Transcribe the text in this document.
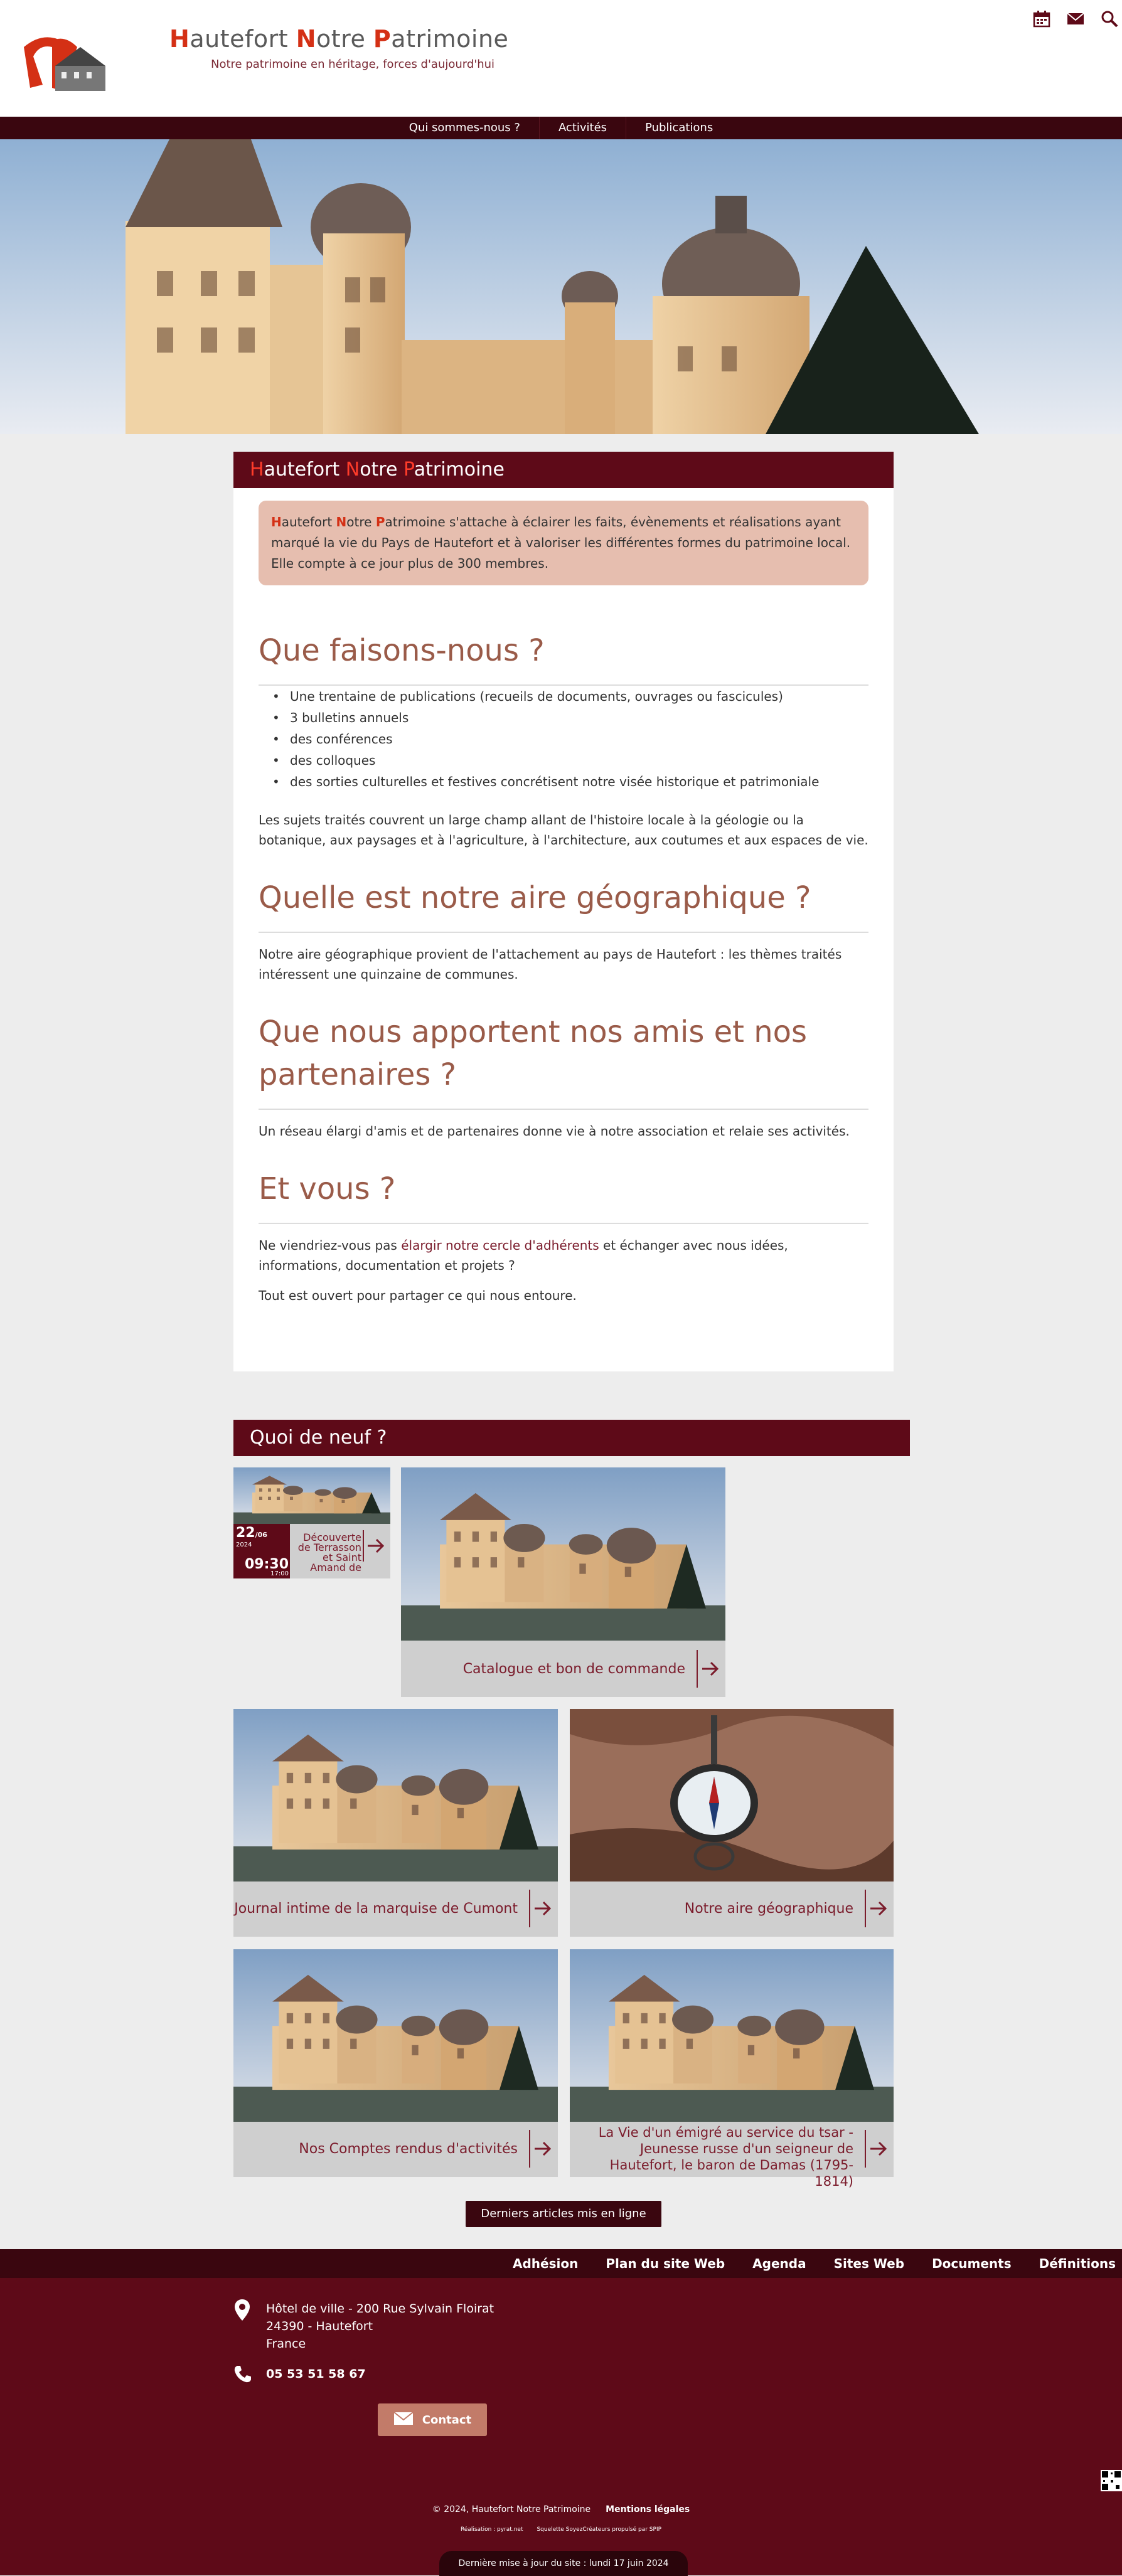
Hautefort Notre Patrimoine
Notre patrimoine en héritage, forces d'aujourd'hui
Qui sommes-nous ?	Activités	Publications
Hautefort Notre Patrimoine
Hautefort Notre Patrimoine s'attache à éclairer les faits, évènements et réalisations ayant marqué la vie du Pays de Hautefort et à valoriser les différentes formes du patrimoine local. Elle compte à ce jour plus de 300 membres.
Que faisons-nous ?
• Une trentaine de publications (recueils de documents, ouvrages ou fascicules)
• 3 bulletins annuels
• des conférences
• des colloques
• des sorties culturelles et festives concrétisent notre visée historique et patrimoniale

Les sujets traités couvrent un large champ allant de l'histoire locale à la géologie ou la botanique, aux paysages et à l'agriculture, à l'architecture, aux coutumes et aux espaces de vie.

Quelle est notre aire géographique ?

Notre aire géographique provient de l'attachement au pays de Hautefort : les thèmes traités intéressent une quinzaine de communes.

Que nous apportent nos amis et nos partenaires ?

Un réseau élargi d'amis et de partenaires donne vie à notre association et relaie ses activités.

Et vous ?

Ne viendriez-vous pas élargir notre cercle d'adhérents et échanger avec nous idées, informations, documentation et projets ?

Tout est ouvert pour partager ce qui nous entoure.

Quoi de neuf ?
22/06
2024
09:30
17:00
Découverte de Terrasson et Saint Amand de
Catalogue et bon de commande
Journal intime de la marquise de Cumont	Notre aire géographique
Nos Comptes rendus d'activités
La Vie d'un émigré au service du tsar - Jeunesse russe d'un seigneur de Hautefort, le baron de Damas (1795-1814)
Derniers articles mis en ligne
Adhésion Plan du site Web Agenda Sites Web Documents Définitions
Hôtel de ville - 200 Rue Sylvain Floirat
24390 - Hautefort
France
05 53 51 58 67
Contact
© 2024, Hautefort Notre Patrimoine Mentions légales
Réalisation : pyrat.net Squelette SoyezCréateurs propulsé par SPIP
Dernière mise à jour du site : lundi 17 juin 2024
